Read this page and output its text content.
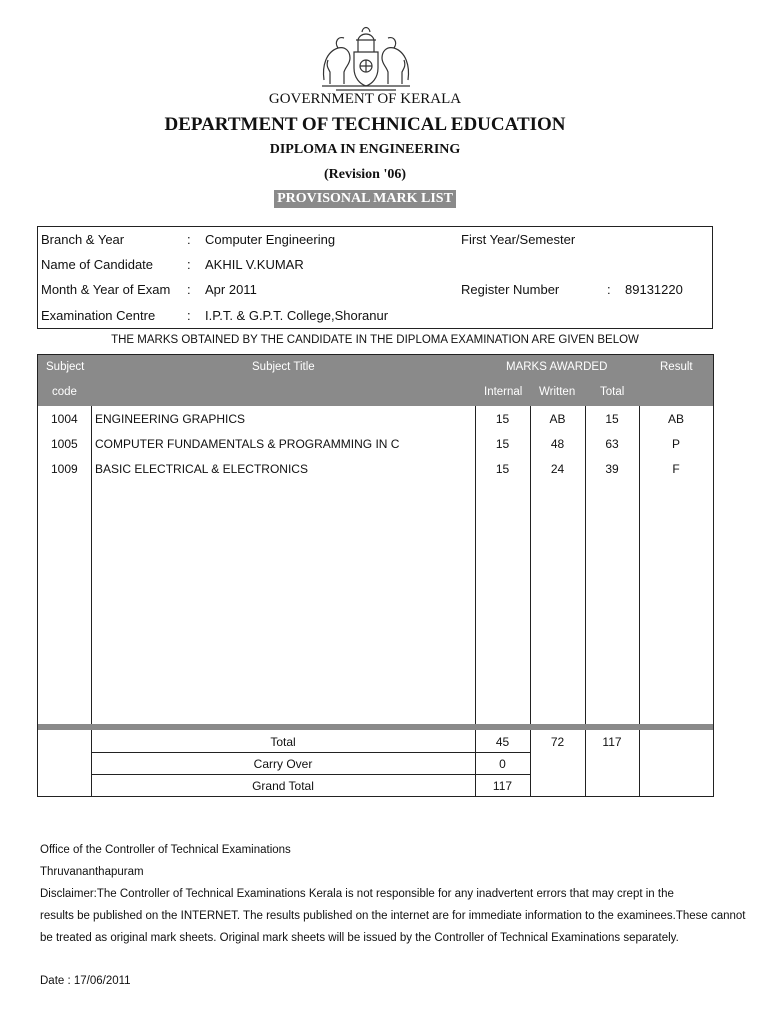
GOVERNMENT OF KERALA
DEPARTMENT OF TECHNICAL EDUCATION
DIPLOMA IN ENGINEERING
(Revision '06)
PROVISONAL MARK LIST
Branch & Year	: Computer Engineering	First Year/Semester
Name of Candidate	: AKHIL V.KUMAR
Month & Year of Exam : Apr 2011	Register Number	: 89131220
Examination Centre : I.P.T. & G.P.T. College,Shoranur
THE MARKS OBTAINED BY THE CANDIDATE IN THE DIPLOMA EXAMINATION ARE GIVEN BELOW
Subject
code
Subject Title	MARKS AWARDED	Result
Internal Written Total
1004 ENGINEERING GRAPHICS	15	AB	15	AB
1005 COMPUTER FUNDAMENTALS & PROGRAMMING IN C	15	48	63	P
1009 BASIC ELECTRICAL & ELECTRONICS	15	24	39	F
Total	45	72	117
Carry Over	0
Grand Total	117
Office of the Controller of Technical Examinations
Thruvananthapuram
Disclaimer:The Controller of Technical Examinations Kerala is not responsible for any inadvertent errors that may crept in the
results be published on the INTERNET. The results published on the internet are for immediate information to the examinees.These cannot
be treated as original mark sheets. Original mark sheets will be issued by the Controller of Technical Examinations separately.
Date : 17/06/2011
